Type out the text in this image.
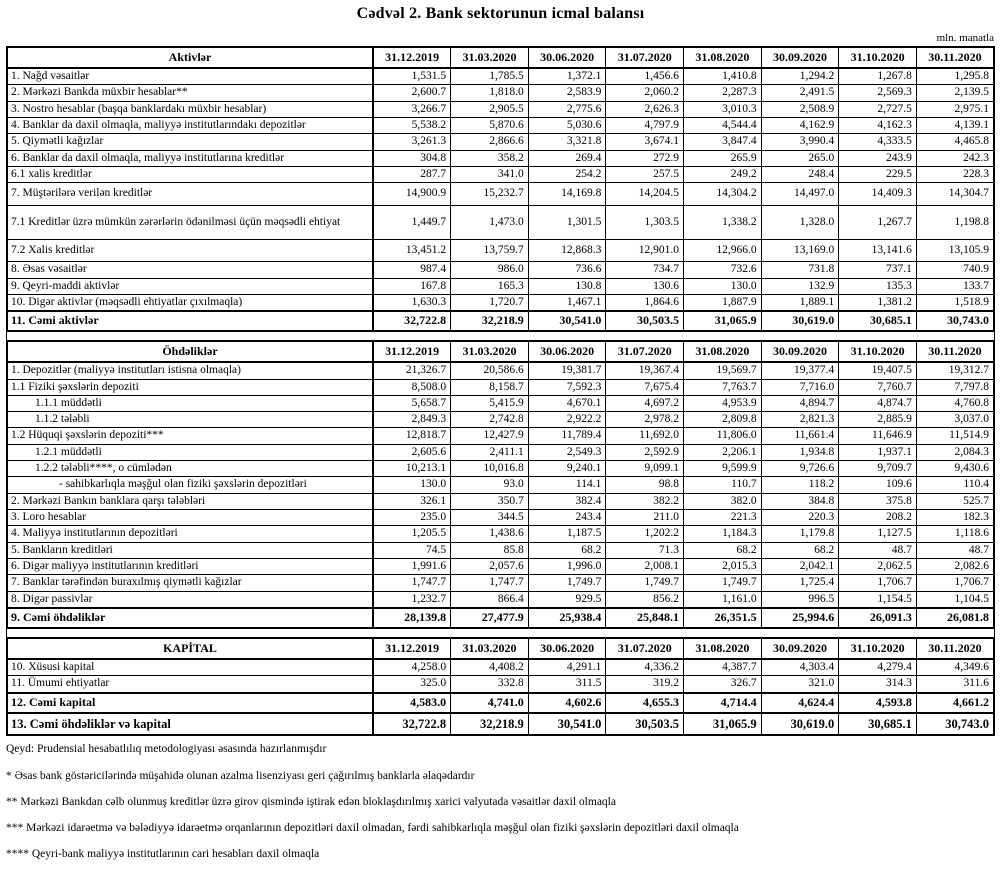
Cədvəl 2. Bank sektorunun icmal balansı
mln. manatla
Aktivlər	31.12.2019	31.03.2020	30.06.2020	31.07.2020	31.08.2020	30.09.2020	31.10.2020	30.11.2020
1. Nağd vəsaitlər	1,531.5	1,785.5	1,372.1	1,456.6	1,410.8	1,294.2	1,267.8	1,295.8
2. Mərkəzi Bankda müxbir hesablar**	2,600.7	1,818.0	2,583.9	2,060.2	2,287.3	2,491.5	2,569.3	2,139.5
3. Nostro hesablar (başqa banklardakı müxbir hesablar)	3,266.7	2,905.5	2,775.6	2,626.3	3,010.3	2,508.9	2,727.5	2,975.1
4. Banklar da daxil olmaqla, maliyyə institutlarındakı depozitlər	5,538.2	5,870.6	5,030.6	4,797.9	4,544.4	4,162.9	4,162.3	4,139.1
5. Qiymətli kağızlar	3,261.3	2,866.6	3,321.8	3,674.1	3,847.4	3,990.4	4,333.5	4,465.8
6. Banklar da daxil olmaqla, maliyyə institutlarına kreditlər	304.8	358.2	269.4	272.9	265.9	265.0	243.9	242.3
6.1 xalis kreditlər	287.7	341.0	254.2	257.5	249.2	248.4	229.5	228.3
7. Müştərilərə verilən kreditlər	14,900.9	15,232.7	14,169.8	14,204.5	14,304.2	14,497.0	14,409.3	14,304.7
7.1 Kreditlər üzrə mümkün zərərlərin ödənilməsi üçün məqsədli ehtiyat	1,449.7	1,473.0	1,301.5	1,303.5	1,338.2	1,328.0	1,267.7	1,198.8
7.2 Xalis kreditlər	13,451.2	13,759.7	12,868.3	12,901.0	12,966.0	13,169.0	13,141.6	13,105.9
8. Əsas vəsaitlər	987.4	986.0	736.6	734.7	732.6	731.8	737.1	740.9
9. Qeyri-maddi aktivlər	167.8	165.3	130.8	130.6	130.0	132.9	135.3	133.7
10. Digər aktivlər (məqsədli ehtiyatlar çıxılmaqla)	1,630.3	1,720.7	1,467.1	1,864.6	1,887.9	1,889.1	1,381.2	1,518.9
11. Cəmi aktivlər	32,722.8	32,218.9	30,541.0	30,503.5	31,065.9	30,619.0	30,685.1	30,743.0
Öhdəliklər	31.12.2019	31.03.2020	30.06.2020	31.07.2020	31.08.2020	30.09.2020	31.10.2020	30.11.2020
1. Depozitlər (maliyyə institutları istisna olmaqla)	21,326.7	20,586.6	19,381.7	19,367.4	19,569.7	19,377.4	19,407.5	19,312.7
1.1 Fiziki şəxslərin depoziti	8,508.0	8,158.7	7,592.3	7,675.4	7,763.7	7,716.0	7,760.7	7,797.8
1.1.1 müddətli	5,658.7	5,415.9	4,670.1	4,697.2	4,953.9	4,894.7	4,874.7	4,760.8
1.1.2 tələbli	2,849.3	2,742.8	2,922.2	2,978.2	2,809.8	2,821.3	2,885.9	3,037.0
1.2 Hüquqi şəxslərin depoziti***	12,818.7	12,427.9	11,789.4	11,692.0	11,806.0	11,661.4	11,646.9	11,514.9
1.2.1 müddətli	2,605.6	2,411.1	2,549.3	2,592.9	2,206.1	1,934.8	1,937.1	2,084.3
1.2.2 tələbli****, o cümlədən	10,213.1	10,016.8	9,240.1	9,099.1	9,599.9	9,726.6	9,709.7	9,430.6
- sahibkarlıqla məşğul olan fiziki şəxslərin depozitləri	130.0	93.0	114.1	98.8	110.7	118.2	109.6	110.4
2. Mərkəzi Bankın banklara qarşı tələbləri	326.1	350.7	382.4	382.2	382.0	384.8	375.8	525.7
3. Loro hesablar	235.0	344.5	243.4	211.0	221.3	220.3	208.2	182.3
4. Maliyyə institutlarının depozitləri	1,205.5	1,438.6	1,187.5	1,202.2	1,184.3	1,179.8	1,127.5	1,118.6
5. Bankların kreditləri	74.5	85.8	68.2	71.3	68.2	68.2	48.7	48.7
6. Digər maliyyə institutlarının kreditləri	1,991.6	2,057.6	1,996.0	2,008.1	2,015.3	2,042.1	2,062.5	2,082.6
7. Banklar tərəfindən buraxılmış qiymətli kağızlar	1,747.7	1,747.7	1,749.7	1,749.7	1,749.7	1,725.4	1,706.7	1,706.7
8. Digər passivlər	1,232.7	866.4	929.5	856.2	1,161.0	996.5	1,154.5	1,104.5
9. Cəmi öhdəliklər	28,139.8	27,477.9	25,938.4	25,848.1	26,351.5	25,994.6	26,091.3	26,081.8
KAPİTAL	31.12.2019	31.03.2020	30.06.2020	31.07.2020	31.08.2020	30.09.2020	31.10.2020	30.11.2020
10. Xüsusi kapital	4,258.0	4,408.2	4,291.1	4,336.2	4,387.7	4,303.4	4,279.4	4,349.6
11. Ümumi ehtiyatlar	325.0	332.8	311.5	319.2	326.7	321.0	314.3	311.6
12. Cəmi kapital	4,583.0	4,741.0	4,602.6	4,655.3	4,714.4	4,624.4	4,593.8	4,661.2
13. Cəmi öhdəliklər və kapital	32,722.8	32,218.9	30,541.0	30,503.5	31,065.9	30,619.0	30,685.1	30,743.0

Qeyd: Prudensial hesabatlılıq metodologiyası əsasında hazırlanmışdır

* Əsas bank göstəricilərində müşahidə olunan azalma lisenziyası geri çağırılmış banklarla əlaqədardır

** Mərkəzi Bankdan cəlb olunmuş kreditlər üzrə girov qismində iştirak edən bloklaşdırılmış xarici valyutada vəsaitlər daxil olmaqla

*** Mərkəzi idarəetmə və bələdiyyə idarəetmə orqanlarının depozitləri daxil olmadan, fərdi sahibkarlıqla məşğul olan fiziki şəxslərin depozitləri daxil olmaqla

**** Qeyri-bank maliyyə institutlarının cari hesabları daxil olmaqla
